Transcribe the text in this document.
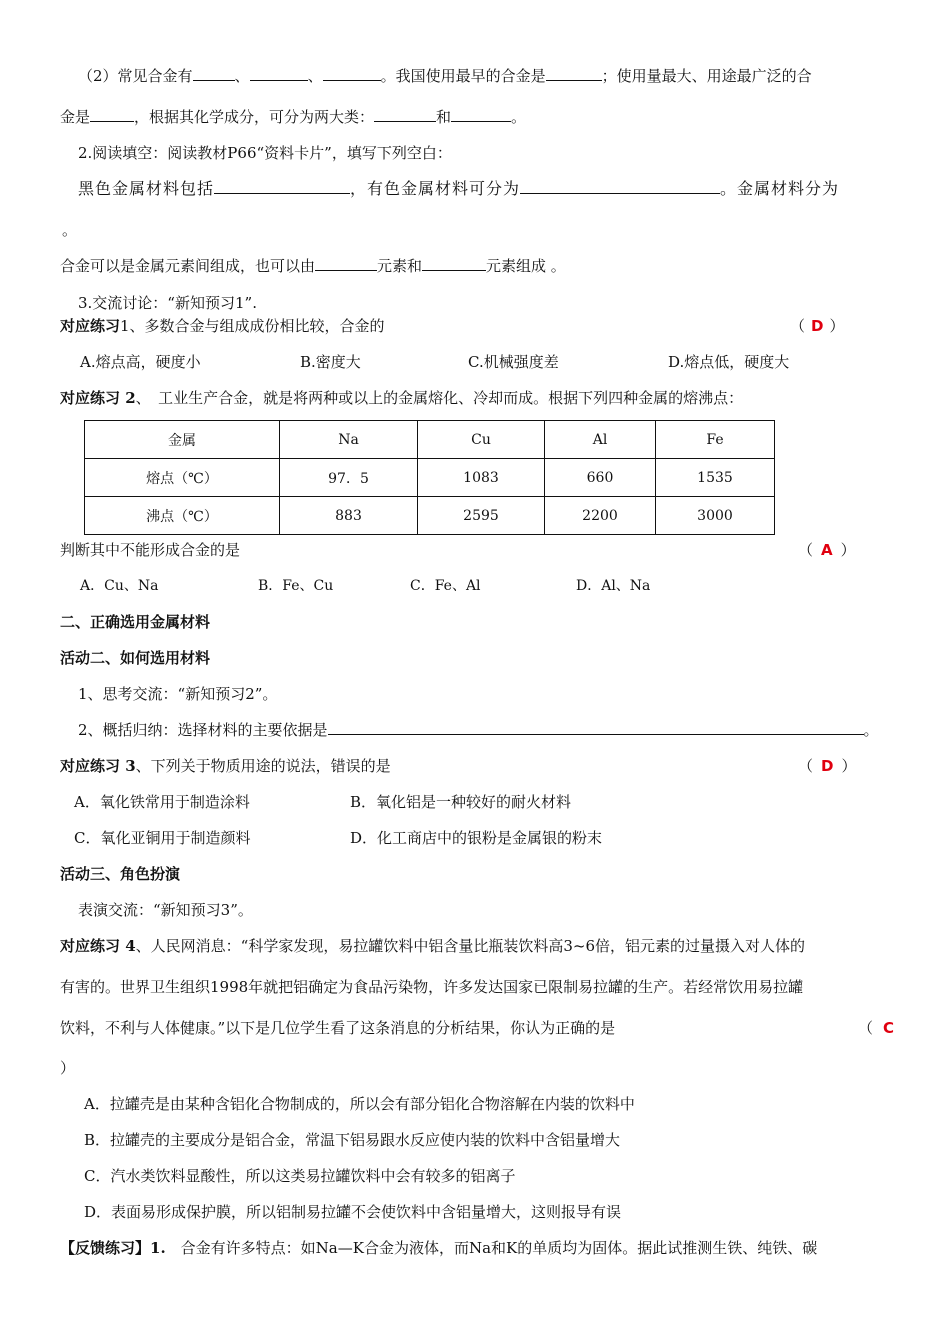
（2）常见合金有	、	、	。我国使用最早的合金是	；使用量最大、用途最广泛的合
金是	，根据其化学成分，可分为两大类：	和	。
2.阅读填空：阅读教材P66“资料卡片”，填写下列空白：
黑色金属材料包括	，有色金属材料可分为	。金属材料分为
。
合金可以是金属元素间组成，也可以由	元素和	元素组成 。
3.交流讨论：“新知预习1”.
对应练习1、多数合金与组成成份相比较，合金的	（ D ）
A.熔点高，硬度小	B.密度大	C.机械强度差	D.熔点低，硬度大
对应练习 2、　工业生产合金，就是将两种或以上的金属熔化、冷却而成。根据下列四种金属的熔沸点：
金属	Na	Cu	Al	Fe
熔点（℃）	97．5	1083	660	1535
沸点（℃）	883	2595	2200	3000
判断其中不能形成合金的是	（ A ）
A．Cu、Na	B．Fe、Cu	C．Fe、Al	D．Al、Na
二、正确选用金属材料
活动二、如何选用材料
1、思考交流：“新知预习2”。
2、概括归纳：选择材料的主要依据是	。
对应练习 3、下列关于物质用途的说法，错误的是	（ D ）
A．氧化铁常用于制造涂料	B．氧化铝是一种较好的耐火材料
C．氧化亚铜用于制造颜料	D．化工商店中的银粉是金属银的粉末
活动三、角色扮演
表演交流：“新知预习3”。
对应练习 4、人民网消息：“科学家发现，易拉罐饮料中铝含量比瓶装饮料高3~6倍，铝元素的过量摄入对人体的
有害的。世界卫生组织1998年就把铝确定为食品污染物，许多发达国家已限制易拉罐的生产。若经常饮用易拉罐
饮料，不利与人体健康。”以下是几位学生看了这条消息的分析结果，你认为正确的是	（ C
）
A．拉罐壳是由某种含铝化合物制成的，所以会有部分铝化合物溶解在内装的饮料中
B．拉罐壳的主要成分是铝合金，常温下铝易跟水反应使内装的饮料中含铝量增大
C．汽水类饮料显酸性，所以这类易拉罐饮料中会有较多的铝离子
D．表面易形成保护膜，所以铝制易拉罐不会使饮料中含铝量增大，这则报导有误
【反馈练习】1.　合金有许多特点：如Na—K合金为液体，而Na和K的单质均为固体。据此试推测生铁、纯铁、碳
